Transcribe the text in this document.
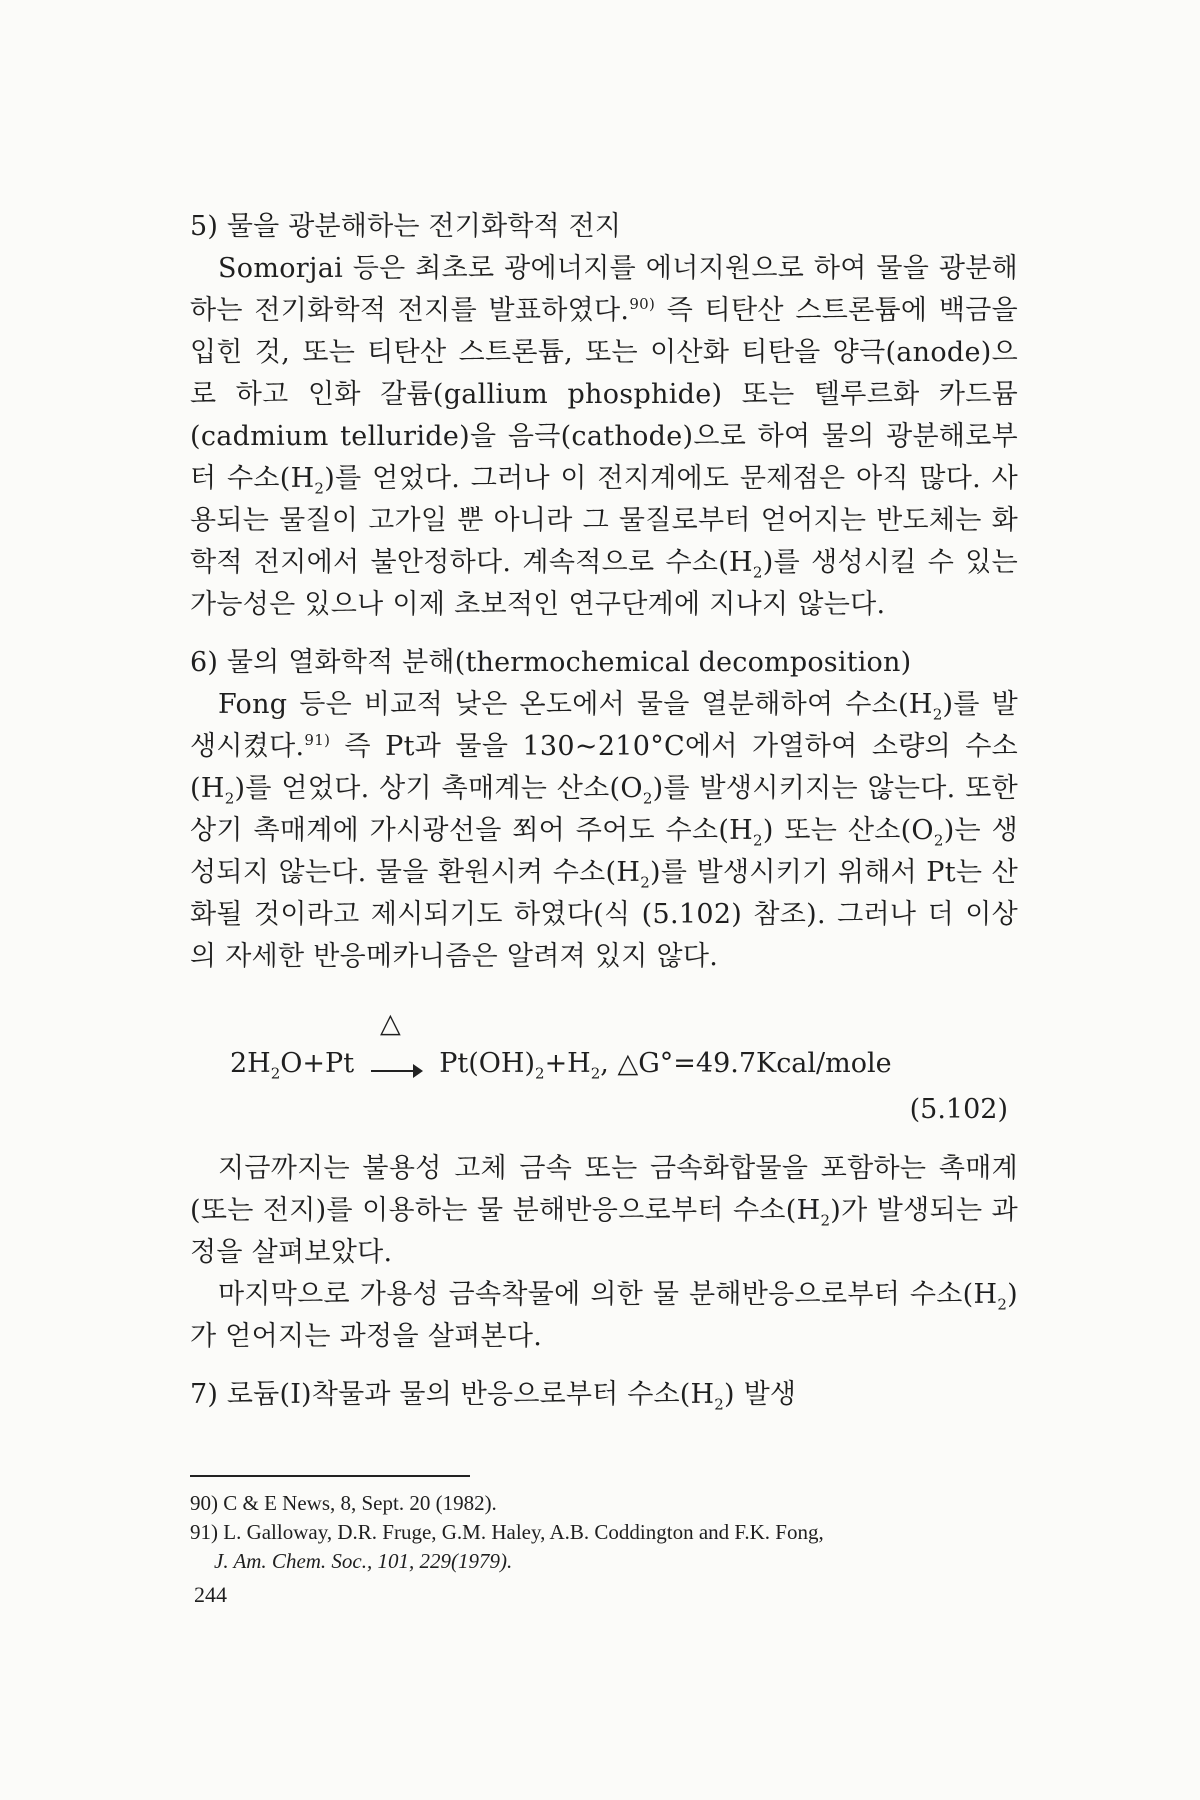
5) 물을 광분해하는 전기화학적 전지

Somorjai 등은 최초로 광에너지를 에너지원으로 하여 물을 광분해하는 전기화학적 전지를 발표하였다.$^{90)}$ 즉 티탄산 스트론튬에 백금을 입힌 것, 또는 티탄산 스트론튬, 또는 이산화 티탄을 양극(anode)으로 하고 인화 갈륨(gallium phosphide) 또는 텔루르화 카드뮴(cadmium telluride)을 음극(cathode)으로 하여 물의 광분해로부터 수소$(H_2)$를 얻었다. 그러나 이 전지계에도 문제점은 아직 많다. 사용되는 물질이 고가일 뿐 아니라 그 물질로부터 얻어지는 반도체는 화학적 전지에서 불안정하다. 계속적으로 수소$(H_2)$를 생성시킬 수 있는 가능성은 있으나 이제 초보적인 연구단계에 지나지 않는다.

6) 물의 열화학적 분해(thermochemical decomposition)

Fong 등은 비교적 낮은 온도에서 물을 열분해하여 수소$(H_2)$를 발생시켰다.$^{91)}$ 즉 Pt과 물을 130~210°C에서 가열하여 소량의 수소$(H_2)$를 얻었다. 상기 촉매계는 산소$(O_2)$를 발생시키지는 않는다. 또한 상기 촉매계에 가시광선을 쬐어 주어도 수소$(H_2)$ 또는 산소$(O_2)$는 생성되지 않는다. 물을 환원시켜 수소$(H_2)$를 발생시키기 위해서 Pt는 산화될 것이라고 제시되기도 하였다(식 (5.102) 참조). 그러나 더 이상의 자세한 반응메카니즘은 알려져 있지 않다.

△
$2H_2O+Pt$	$Pt(OH)_2+H_2$, △G°=49.7Kcal/mole
(5.102)

지금까지는 불용성 고체 금속 또는 금속화합물을 포함하는 촉매계(또는 전지)를 이용하는 물 분해반응으로부터 수소$(H_2)$가 발생되는 과정을 살펴보았다.

마지막으로 가용성 금속착물에 의한 물 분해반응으로부터 수소$(H_2)$가 얻어지는 과정을 살펴본다.

7) 로듐(Ⅰ)착물과 물의 반응으로부터 수소$(H_2)$ 발생

90) C & E News, 8, Sept. 20 (1982).

91) L. Galloway, D.R. Fruge, G.M. Haley, A.B. Coddington and F.K. Fong,

J. Am. Chem. Soc., 101, 229(1979).

244
